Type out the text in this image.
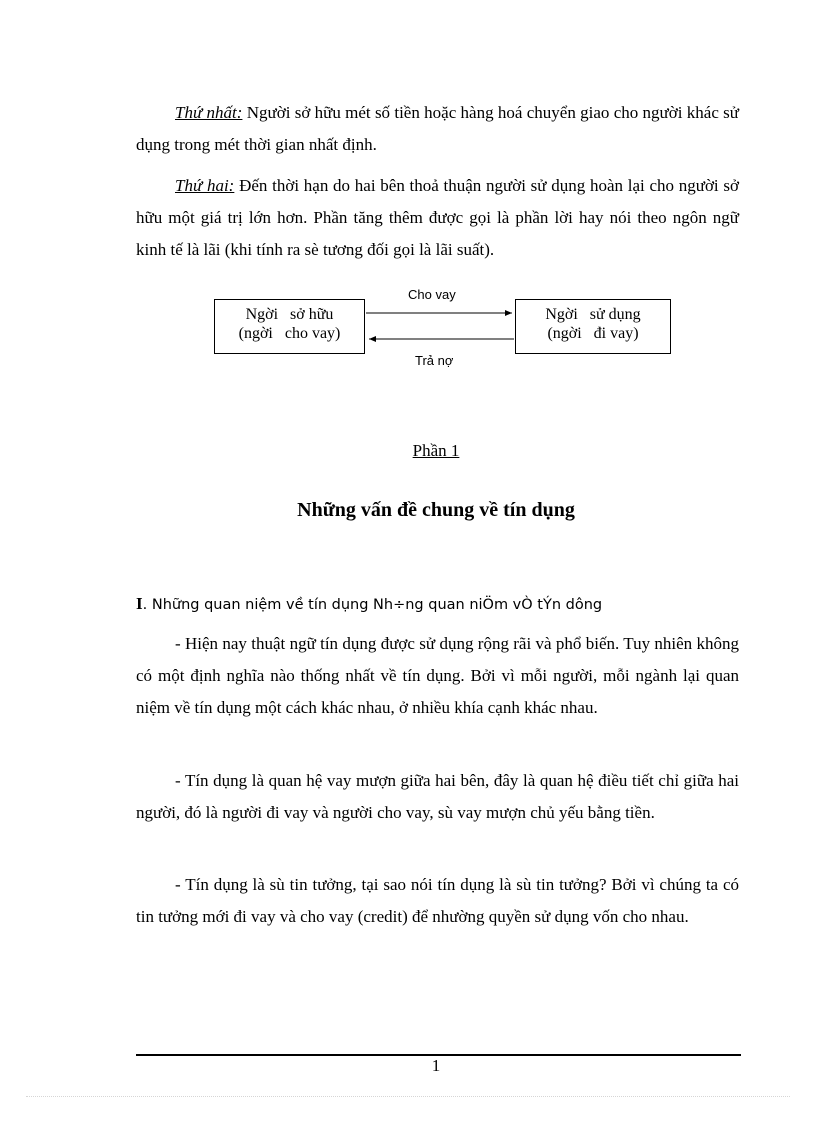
Thứ nhất: Người sở hữu mét số tiền hoặc hàng hoá chuyển giao cho người khác sử dụng trong mét thời gian nhất định.

Thứ hai: Đến thời hạn do hai bên thoả thuận người sử dụng hoàn lại cho người sở hữu một giá trị lớn hơn. Phần tăng thêm được gọi là phần lời hay nói theo ngôn ngữ kinh tế là lãi (khi tính ra sè tương đối gọi là lãi suất).

Ngời   sở hữu
(ngời   cho vay)
Ngời   sử dụng
(ngời   đi vay)
Cho vay
Trả nợ
Phần 1
Những vấn đề chung về tín dụng
I. Những quan niệm về tín dụng Nh÷ng quan niÖm vÒ tÝn dông

- Hiện nay thuật ngữ tín dụng được sử dụng rộng rãi và phổ biến. Tuy nhiên không có một định nghĩa nào thống nhất về tín dụng. Bởi vì mỗi người, mỗi ngành lại quan niệm về tín dụng một cách khác nhau, ở nhiều khía cạnh khác nhau.

- Tín dụng là quan hệ vay mượn giữa hai bên, đây là quan hệ điều tiết chỉ giữa hai người, đó là người đi vay và người cho vay, sù vay mượn chủ yếu bằng tiền.

- Tín dụng là sù tin tưởng, tại sao nói tín dụng là sù tin tưởng? Bởi vì chúng ta có tin tưởng mới đi vay và cho vay (credit) để nhường quyền sử dụng vốn cho nhau.

1
